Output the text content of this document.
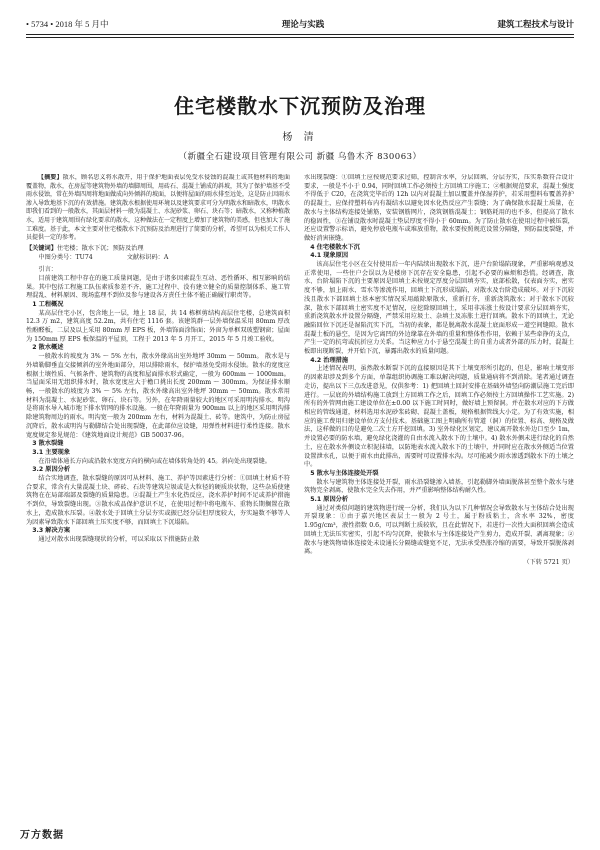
• 5734 • 2018 年 5 月中	理论与实践	建筑工程技术与设计
住宅楼散水下沉预防及治理
杨 清
（新疆全石建设项目管理有限公司 新疆 乌鲁木齐 830063）

【摘要】散水，顾名思义将水散开，用于保护地面表层免受水侵蚀的混凝土或其他材料的地面覆盖物，散水，在房屋等建筑物外墙的墙脚周围，用砖石、混凝土铺成的斜坡，其为了保护墙基不受雨水侵蚀，常在外墙四周将地面做成向外倾斜的坡面，以便将屋面的雨水排至远处，这是防止因雨水渗入导致地基下沉的有效措施。建筑散水根据使用环境以及建筑要求可分为明散水和暗散水，明散水即我们看到的一般散水，其面层材料一般为混凝土、水泥砂浆、卵石、块石等；暗散水，又称种植散水，适用于建筑周围有绿化要求的散水，这种做法在一定程度上增加了建筑物的美感，但也加大了施工难度。基于此，本文主要对住宅楼散水下沉预防及治理进行了简要的分析，希望可以为相关工作人员提供一定的参考。

【关键词】住宅楼；散水下沉；预防及治理

中图分类号：TU74	文献标识码：A

引言：

目前建筑工程中存在的施工质量问题，是由于诸多因素混生互动、恶性循环、相互影响的结果。其中包括工程施工队伍素质参差不齐、施工过程中、没有建立健全的质量控制体系、施工管理混乱、材料原因、现场监理不到位及参与建设各方責任主体不能正确履行职责等。

1 工程概况

某高层住宅小区，包含地上一层，地上 18 层，共 14 栋框剪结构高层住宅楼，总建筑面积 12.3 万 m2，建筑高度 52.2m，共有住宅 1116 套。该建筑群一层外墙保温采用 80mm 厚改性酚醛板，二层及以上采用 80mm 厚 EPS 板，外墙饰面涂饰面；外窗为单框双玻塑钢窗；屋面为 150mm 厚 EPS 板保温的平屋顶，工程于 2013 年 5 月开工，2015 年 5 月竣工验收。

2 散水概述

一般散水的坡度为 3% ～ 5% 左右，散水外缘高出室外地坪 30mm ～ 50mm。 散水是与外墙勒脚垂直交接倾斜的室外地面部分，用以排除雨水，保护墙基免受雨水侵蚀。散水的宽度应根据土壤性质、气候条件、建筑物的高度和屋面排水形式确定，一般为 600mm ～ 1000mm。当屋面采用无组织排水时，散水宽度应大于檐口挑出长度 200mm ～ 300mm。为保证排水顺畅，一般散水的坡度为 3% ～ 5% 左右，散水外缘高出室外地坪 30mm ～ 50mm。散水常用材料为混凝土、水泥砂浆、卵石、块石等。另外，在年降雨量较大的地区可采用明沟排水。明沟是将雨水导入城市地下排水管网的排水设施。一般在年降雨量为 900mm 以上的地区采用明沟排除建筑物周边的雨水。明沟宽一般为 200mm 左右，材料为混凝土、砖等。建筑中，为防止房屋沉降后，散水或明沟与勒脚结合处出现裂缝，在此部位应设缝，用弹性材料进行柔性连接。散水宽度规定参见规范：《建筑地面设计规范》GB 50037-96。

3 散水裂缝

3.1 主要现象

在沿墙体通长方向或沿散水宽度方向的横向或在墙体转角处的 45。斜向处出现裂缝。

3.2 原因分析

结合实地调查，散水裂缝的原因可从材料、施工、养护等因素进行分析：①回填土材质不符合要求，常含有大量混凝土块、碎砖、石块等建筑垃圾或是大粒径的硬质块状物，这些杂质使建筑物在在局部端部及裂缝的质量隐患。②混凝土产生水化热反应，浇水养护时间不足或养护措施不到位，导致裂缝出现。③散水成品保护意识不足，在使用过程中将电瓶车、重物长期搁置在散水上，造成散水压裂。④散水处于回填土分层夯实或振已经分层但厚度较大，夯实遍数不够等人为因素导致散水下部回填土压实度不够，而回填土下沉塌陷。

3.3 解决方案

通过对散水出现裂缝现状的分析，可以采取以下措施防止散

水出现裂缝：①回填土应按规范要求过筛，控制含水率，分层回填、分层夯实，压实系数符合设计要求，一般是不小于 0.94，同时回填工作必须按土方回填工序施工；②根据规范要求，混凝土强度不得低于 C20，在浇筑完毕后的 12h 以内对混凝土加以覆盖并保湿养护，若采用塑料布覆盖养护的混凝土，应保持塑料布内有凝结水以避免因水化热反应产生裂缝；为了确保散水混凝土质量，在散水与主体结构连接处铺筋，安装钢筋网片，浇筑钢筋混凝土；钢筋耗用的也不多，但提高了散水的稳固性，③在铺设散水时混凝土垫层厚度不得小于 60mm。为了防止散水在使用过程中被压裂，还应设置警示标语，避免停放电瓶车或堆放重物，散水要按照规范设置分隔缝，预防温度裂缝，并做好消害嵌缝。

4 住宅楼散水下沉

4.1 现象原因

该高层住宅小区在交付使用后一年内陆续出现散水下沉，进户台阶塌陷现象，严重影响观感及正常使用，一些住户会误以为是楼房下沉存在安全隐患，引起不必要的麻烦和恐慌。经调查，散水、台阶塌陷下沉的主要原因是回填土未按规定厚度分层回填夯实，底部松散，仅表面夯实，密实度不够，加上雨水、雪水等渗流作用，回填土下沉形成塌陷，对散水及台阶造成破坏。对于下沉较浅且散水下部回填土基本密实情况采用敲除原散水，重新打夯，重新浇筑散水；对于散水下沉较深，散水下部回填土密实度不足情况，应挖除原回填土，采用非冻涨土按设计要求分层回填夯实，重新浇筑散水并设置分隔缝，严禁采用垃圾土、杂填土及冻胀土进行回填。散水下的回填土，无论融陷回位下沉还是湿陷沉实下沉，当初的表象，都是脱离散水混凝土底面形成一道空间缝隙。散水混凝土板的悬空，是因为它离凹的外边缘靠在外墙的重量和整体性作用，依赖于某些牵挣的支点，产生一定的抗弯或抗折应力关系。当这种应力小于悬空混凝土的自重力或者外部的压力时，混凝土板即出现断裂，并开始下沉，暴露出散水的质量问题。

4.2 治理措施

上述情况表明，虽然散水断裂下沉的直接原因是其下土壤变形所引起的，但是，影响土壤变形的因素却涉及到多个方面，单靠组织协调施工难以解决问题，质量通病将不到消除。笔者通过调查走访，提出以下三点改进意见，仅供参考：1) 把回填土回封安排在基础外墙竖向防潮层施工完后即进行。一层底的外墙结构施工放到土方回填工作之后，回填工作必须按土方回填操作工艺实施。2) 所有的外管网由施工建设单位在±0.00 以下施工时同时，做好墙上预留洞。并在散水对应的下方做相应的管线通道，材料选用水泥砂浆砖砌、混凝土盖板，规格根据管线大小定。为了有效实施，相应的施工费用归建设单位方支付技术。基础施工图上明确所有管道（洞）的位置、标高、规格及做法，这样做的目的是避免二次土方开挖回填。3) 室外绿化区划定，建议离开散水外边口至少 1m，并设置必要的防水墙，避免绿化浇灌的自由水流入散水下的土壤中。4) 散水外侧未进行绿化的自然土，应在散水外侧设立积泥抹墙，以防地表水流入散水下的土壤中，并同时应在散水外侧适当位置设置泄水孔，以便于雨水由此排出，需要时可设置排水沟。尽可能减少雨水渗透到散水下的土壤之中。

5 散水与主体连接处开裂

散水与建筑物主体连接处开裂，雨水沿裂缝渗入墙基，引起勒脚外墙面脱落甚至整个散水与建筑物完全剥离，使散水完全失去作用，并严重影响整体结构耐久性。

5.1 原因分析

通过对类似问题的建筑物进行统一分析，我们认为以下几种情况会导致散水与主体结合处出现开裂现象：①由于嘉兴地区表层土一般为 2 号土，属于粉质粘土，含水率 32%，密度 1.95g/cm³，液性指数 0.6，可以判断土质较软，且在此情况下，若进行一次性大面积回填会造成回填土无法压实密实，引起不均匀沉降，使散水与主体连接处产生剪力，造成开裂、剥离现象；②散水与建筑物墙体连接处未设通长分隔缝或缝宽不足，无法承受热胀冷缩的需要，导致开裂脱落剥离。

（下转 5721 页）
万方数据
